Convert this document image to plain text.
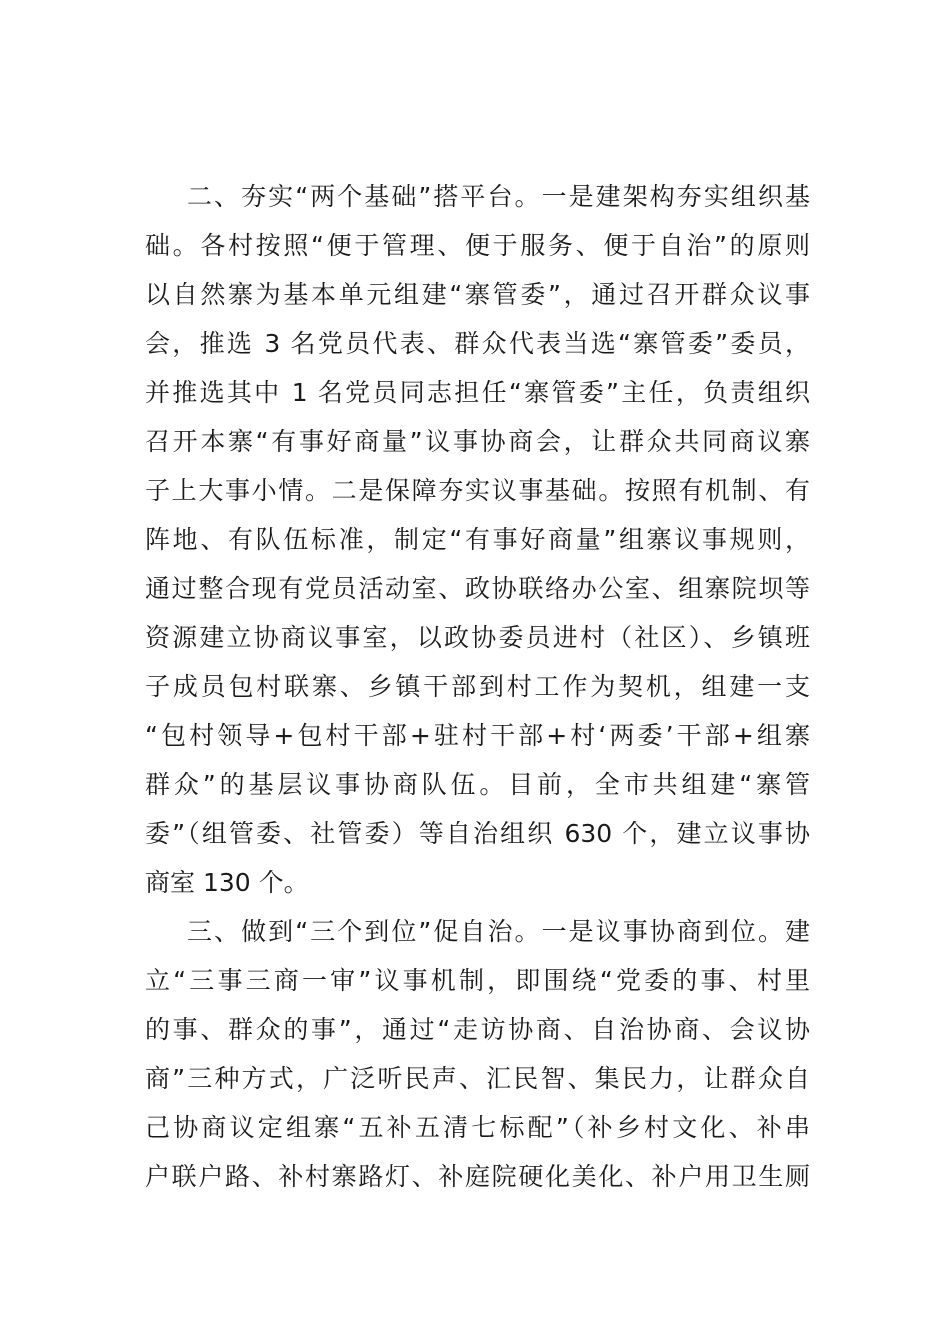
二、夯实“两个基础”搭平台。一是建架构夯实组织基
础。各村按照“便于管理、便于服务、便于自治”的原则
以自然寨为基本单元组建“寨管委”，通过召开群众议事
会，推选 3 名党员代表、群众代表当选“寨管委”委员，
并推选其中 1 名党员同志担任“寨管委”主任，负责组织
召开本寨“有事好商量”议事协商会，让群众共同商议寨
子上大事小情。二是保障夯实议事基础。按照有机制、有
阵地、有队伍标准，制定“有事好商量”组寨议事规则，
通过整合现有党员活动室、政协联络办公室、组寨院坝等
资源建立协商议事室，以政协委员进村（社区）、乡镇班
子成员包村联寨、乡镇干部到村工作为契机，组建一支
“包村领导+包村干部+驻村干部+村‘两委’干部+组寨
群众”的基层议事协商队伍。目前，全市共组建“寨管
委”（组管委、社管委）等自治组织 630 个，建立议事协
商室 130 个。
三、做到“三个到位”促自治。一是议事协商到位。建
立“三事三商一审”议事机制，即围绕“党委的事、村里
的事、群众的事”，通过“走访协商、自治协商、会议协
商”三种方式，广泛听民声、汇民智、集民力，让群众自
己协商议定组寨“五补五清七标配”（补乡村文化、补串
户联户路、补村寨路灯、补庭院硬化美化、补户用卫生厕
